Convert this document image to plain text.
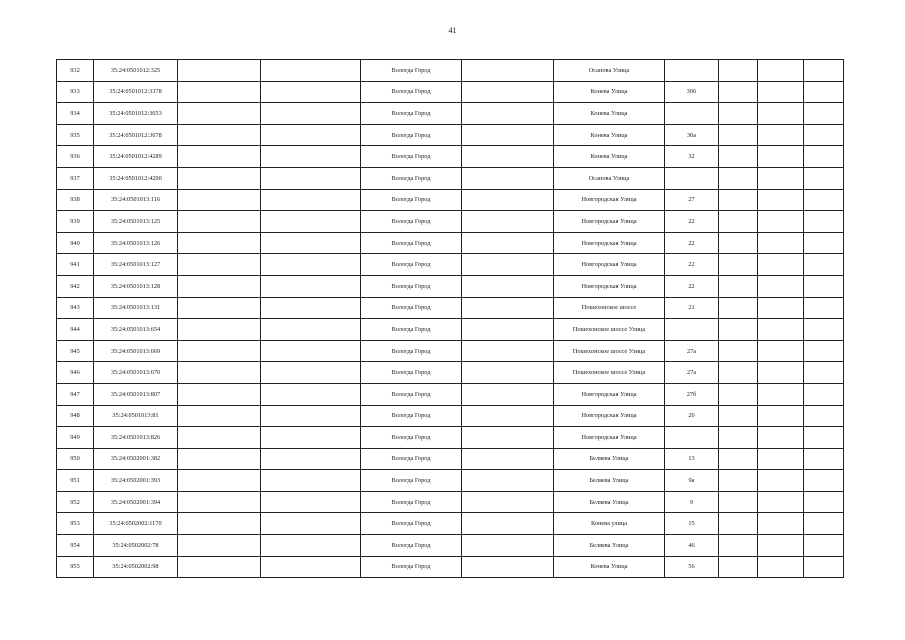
41
932	35:24:0501012:325			Вологда Город		Осановa Улица				
933	35:24:0501012:3378			Вологда Город		Конева Улица	306			
934	35:24:0501012:3653			Вологда Город		Конева Улица				
935	35:24:0501012:3678			Вологда Город		Конева Улица	30а			
936	35:24:0501012:4289			Вологда Город		Конева Улица	32			
937	35:24:0501012:4290			Вологда Город		Осановa Улица				
938	35:24:0501013:116			Вологда Город		Новгородская Улица	27			
939	35:24:0501013:125			Вологда Город		Новгородская Улица	22			
940	35:24:0501013:126			Вологда Город		Новгородская Улица	22			
941	35:24:0501013:127			Вологда Город		Новгородская Улица	22			
942	35:24:0501013:128			Вологда Город		Новгородская Улица	22			
943	35:24:0501013:131			Вологда Город		Пошехонское шоссе	21			
944	35:24:0501013:654			Вологда Город		Пошехонское шоссе Улица				
945	35:24:0501013:669			Вологда Город		Пошехонское шоссе Улица	27а			
946	35:24:0501013:670			Вологда Город		Пошехонское шоссе Улица	27а			
947	35:24:0501013:807			Вологда Город		Новгородская Улица	27б			
948	35:24:0501013:81			Вологда Город		Новгородская Улица	20			
949	35:24:0501013:826			Вологда Город		Новгородская Улица				
950	35:24:0502001:382			Вологда Город		Беляева Улица	13			
951	35:24:0502001:393			Вологда Город		Беляева Улица	9а			
952	35:24:0502001:394			Вологда Город		Беляева Улица	9			
953	35:24:0502002:1170			Вологда Город		Конева улица	15			
954	35:24:0502002:78			Вологда Город		Беляева Улица	46			
955	35:24:0502002:98			Вологда Город		Конева Улица	56			
